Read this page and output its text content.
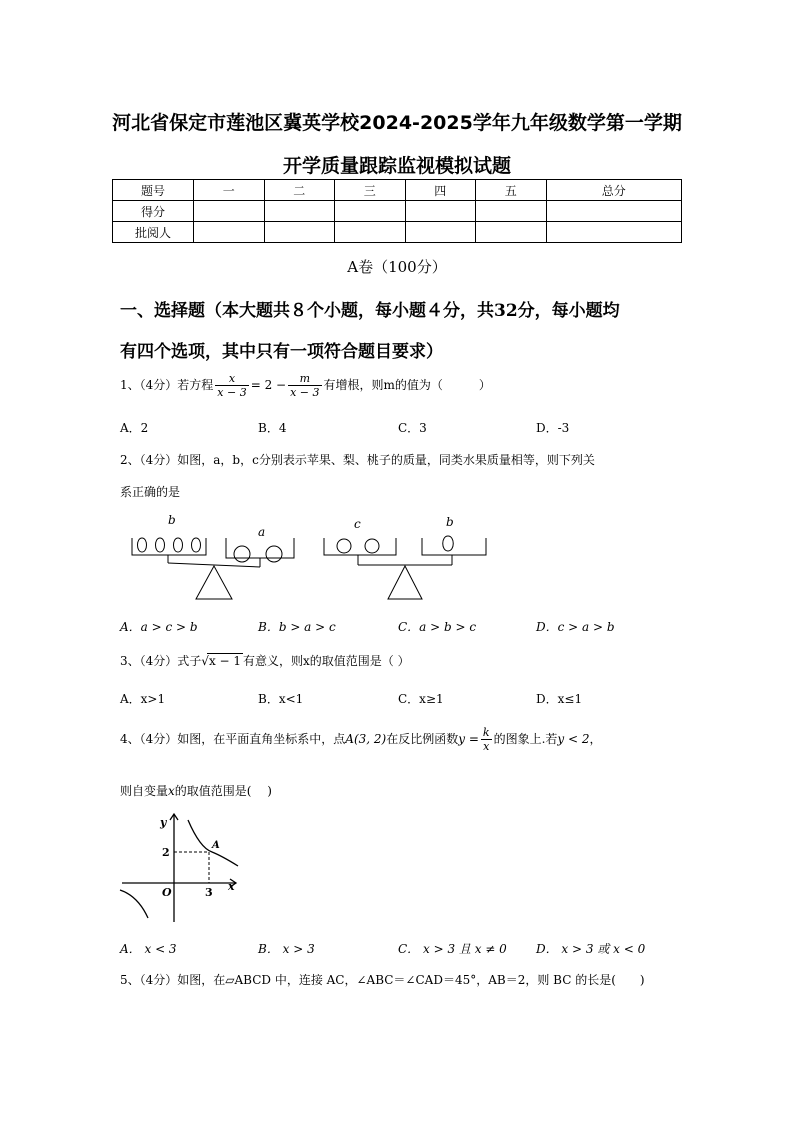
河北省保定市莲池区冀英学校2024-2025学年九年级数学第一学期
开学质量跟踪监视模拟试题
题号	一	二	三	四	五	总分
得分						
批阅人						
A卷（100分）
一、选择题（本大题共８个小题，每小题４分，共32分，每小题均
有四个选项，其中只有一项符合题目要求）
1、（4分）若方程 $\frac{x}{x - 3} = 2 - \frac{m}{x - 3}$ 有增根，则m的值为（　　　）
A．2	B．4	C．3	D．-3
2、（4分）如图，a，b，c分别表示苹果、梨、桃子的质量，同类水果质量相等，则下列关
系正确的是
b
a
c	b
A．a > c > b	B．b > a > c	C．a > b > c	D．c > a > b
3、（4分）式子√x − 1 有意义，则x的取值范围是（ ）
A．x>1	B．x<1	C．x≥1	D．x≤1
4、（4分）如图，在平面直角坐标系中，点A(3, 2)在反比例函数$y = \frac{k}{x}$ 的图象上.若y < 2，
则自变量x的取值范围是(　 )
y
x
2
3
O
A
A． x < 3	B． x > 3	C． x > 3 且 x ≠ 0 D． x > 3 或 x < 0
5、（4分）如图，在▱ABCD 中，连接 AC，∠ABC＝∠CAD＝45°，AB＝2，则 BC 的长是(　　)
